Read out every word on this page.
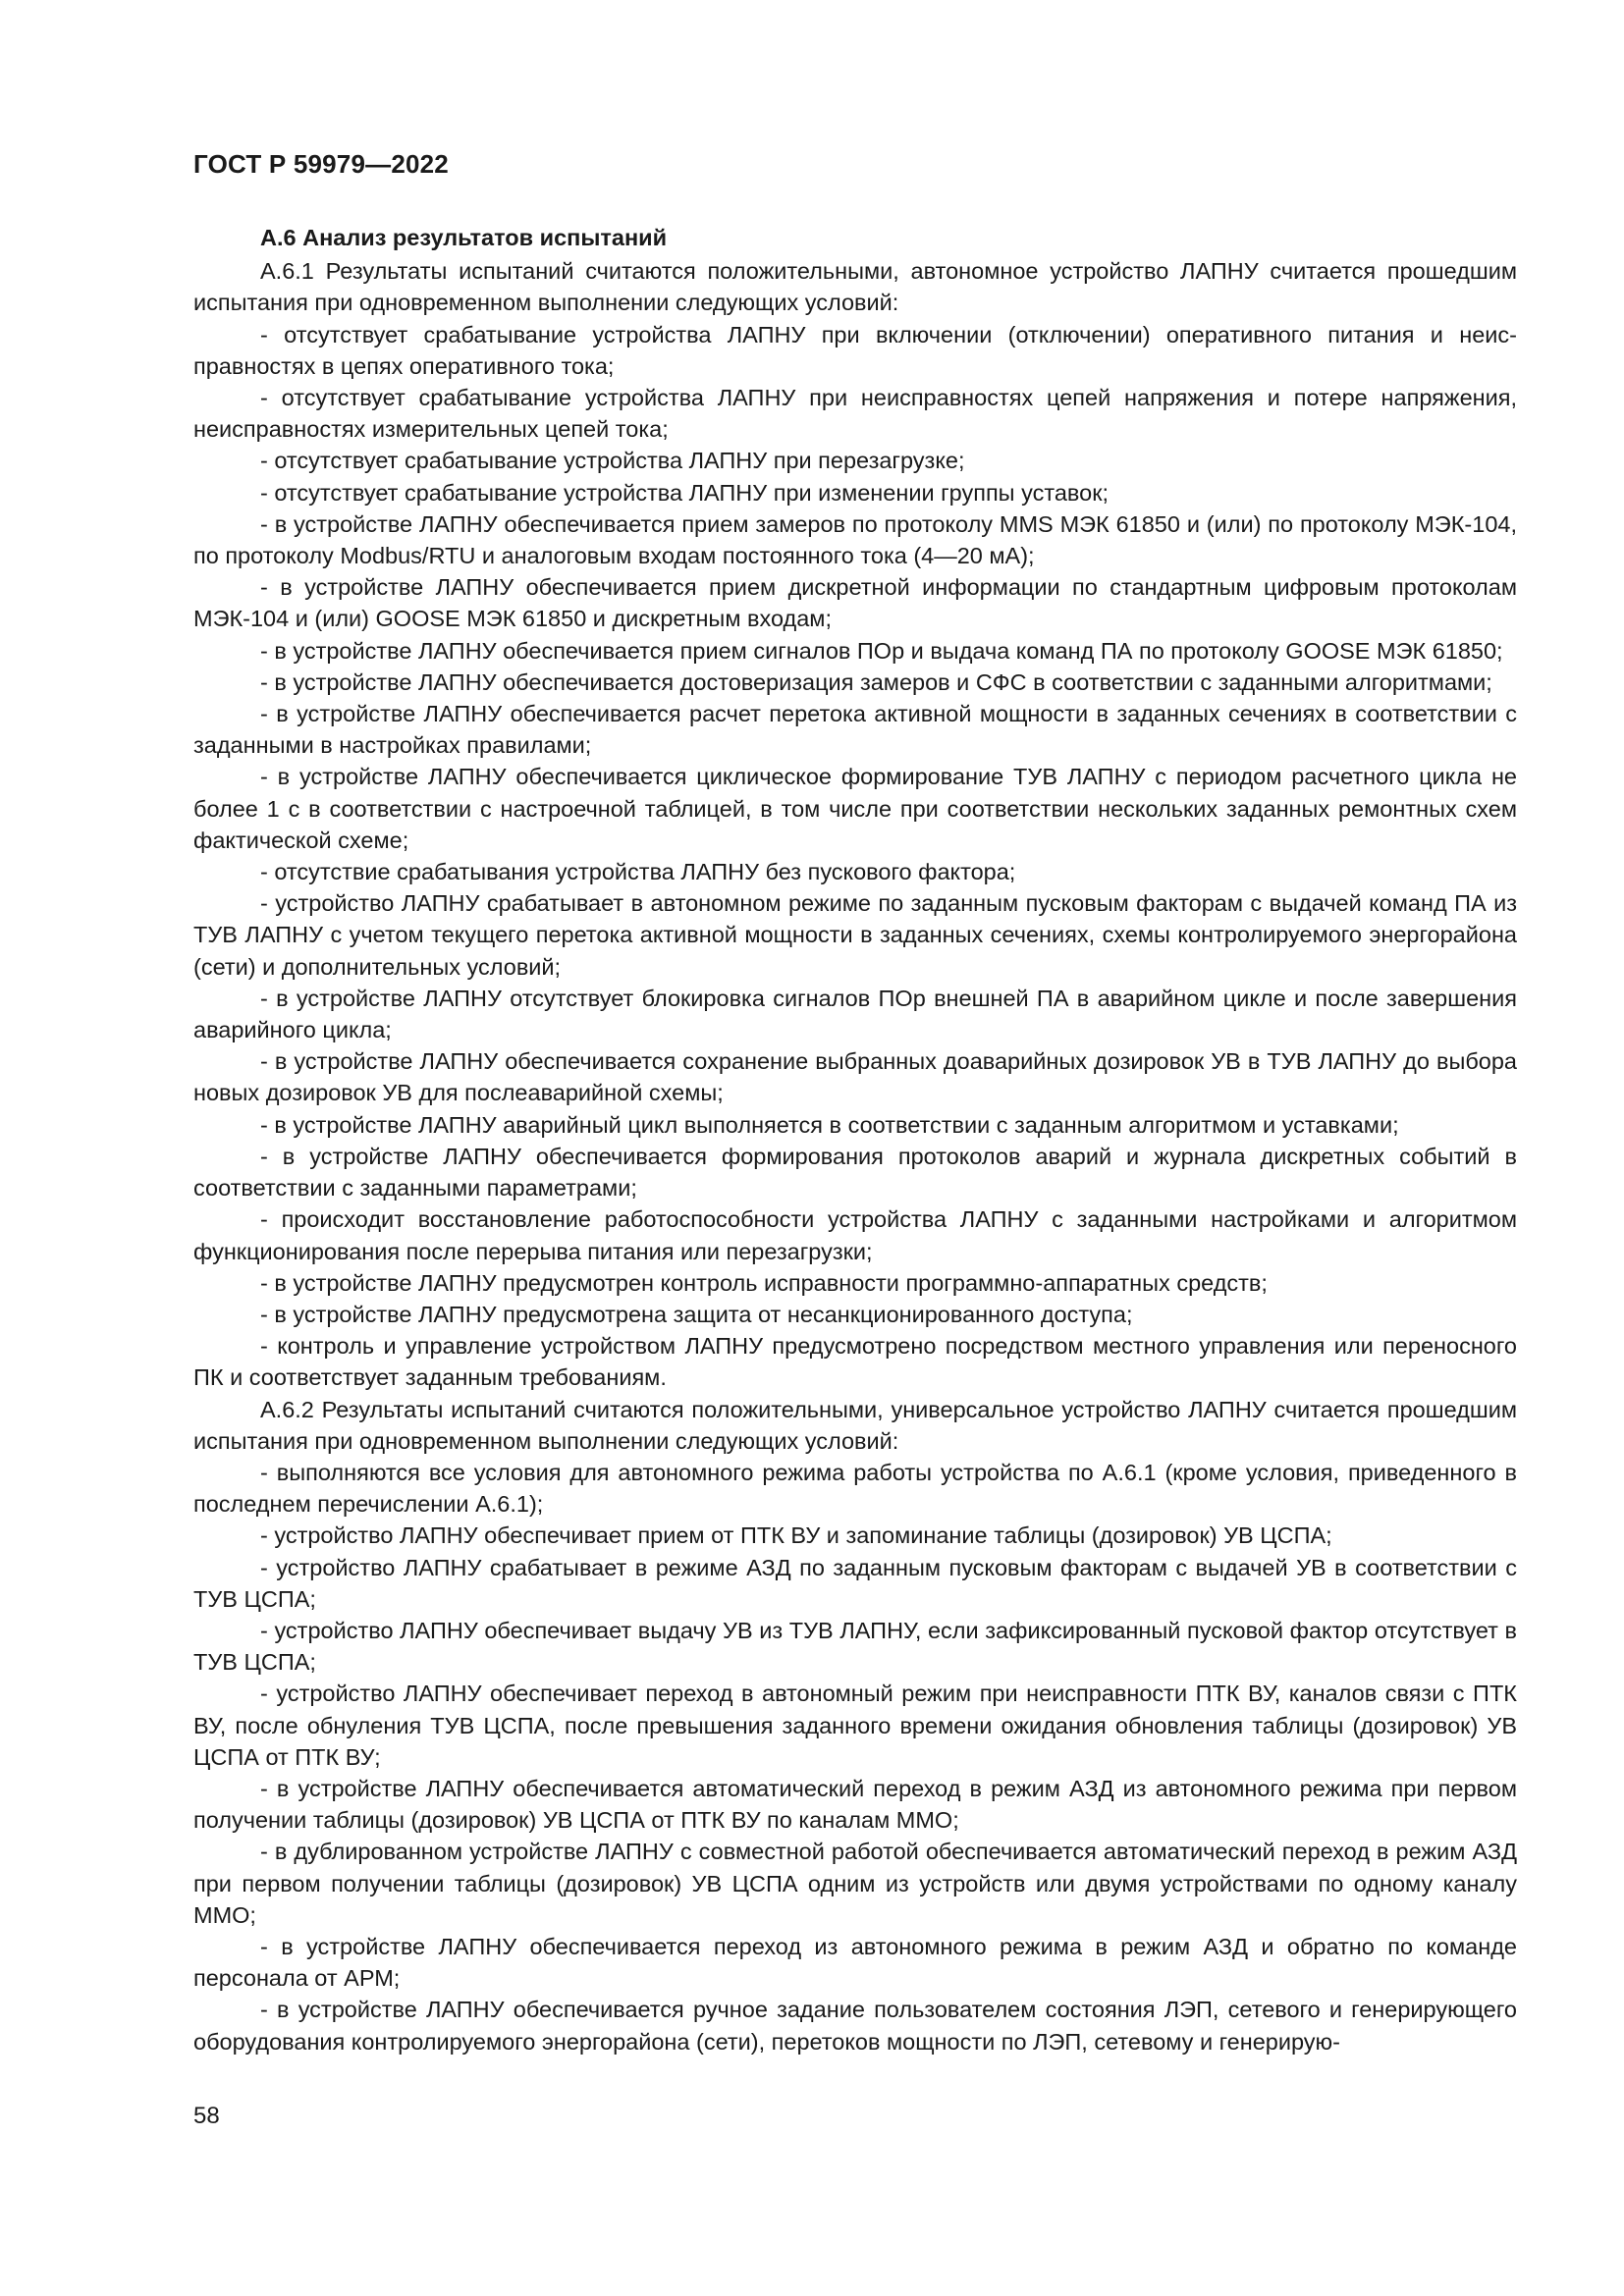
ГОСТ Р 59979—2022

А.6 Анализ результатов испытаний

А.6.1 Результаты испытаний считаются положительными, автономное устройство ЛАПНУ считается прошедшим испытания при одновременном выполнении следующих условий:

- отсутствует срабатывание устройства ЛАПНУ при включении (отключении) оперативного питания и неисправностях в цепях оперативного тока;

- отсутствует срабатывание устройства ЛАПНУ при неисправностях цепей напряжения и потере напряжения, неисправностях измерительных цепей тока;

- отсутствует срабатывание устройства ЛАПНУ при перезагрузке;

- отсутствует срабатывание устройства ЛАПНУ при изменении группы уставок;

- в устройстве ЛАПНУ обеспечивается прием замеров по протоколу MMS МЭК 61850 и (или) по протоколу МЭК-104, по протоколу Modbus/RTU и аналоговым входам постоянного тока (4—20 мА);

- в устройстве ЛАПНУ обеспечивается прием дискретной информации по стандартным цифровым протоколам МЭК-104 и (или) GOOSE МЭК 61850 и дискретным входам;

- в устройстве ЛАПНУ обеспечивается прием сигналов ПОр и выдача команд ПА по протоколу GOOSE МЭК 61850;

- в устройстве ЛАПНУ обеспечивается достоверизация замеров и СФС в соответствии с заданными алгоритмами;

- в устройстве ЛАПНУ обеспечивается расчет перетока активной мощности в заданных сечениях в соответствии с заданными в настройках правилами;

- в устройстве ЛАПНУ обеспечивается циклическое формирование ТУВ ЛАПНУ с периодом расчетного цикла не более 1 с в соответствии с настроечной таблицей, в том числе при соответствии нескольких заданных ремонтных схем фактической схеме;

- отсутствие срабатывания устройства ЛАПНУ без пускового фактора;

- устройство ЛАПНУ срабатывает в автономном режиме по заданным пусковым факторам с выдачей команд ПА из ТУВ ЛАПНУ с учетом текущего перетока активной мощности в заданных сечениях, схемы контролируемого энергорайона (сети) и дополнительных условий;

- в устройстве ЛАПНУ отсутствует блокировка сигналов ПОр внешней ПА в аварийном цикле и после завершения аварийного цикла;

- в устройстве ЛАПНУ обеспечивается сохранение выбранных доаварийных дозировок УВ в ТУВ ЛАПНУ до выбора новых дозировок УВ для послеаварийной схемы;

- в устройстве ЛАПНУ аварийный цикл выполняется в соответствии с заданным алгоритмом и уставками;

- в устройстве ЛАПНУ обеспечивается формирования протоколов аварий и журнала дискретных событий в соответствии с заданными параметрами;

- происходит восстановление работоспособности устройства ЛАПНУ с заданными настройками и алгоритмом функционирования после перерыва питания или перезагрузки;

- в устройстве ЛАПНУ предусмотрен контроль исправности программно-аппаратных средств;

- в устройстве ЛАПНУ предусмотрена защита от несанкционированного доступа;

- контроль и управление устройством ЛАПНУ предусмотрено посредством местного управления или переносного ПК и соответствует заданным требованиям.

А.6.2 Результаты испытаний считаются положительными, универсальное устройство ЛАПНУ считается прошедшим испытания при одновременном выполнении следующих условий:

- выполняются все условия для автономного режима работы устройства по А.6.1 (кроме условия, приведенного в последнем перечислении А.6.1);

- устройство ЛАПНУ обеспечивает прием от ПТК ВУ и запоминание таблицы (дозировок) УВ ЦСПА;

- устройство ЛАПНУ срабатывает в режиме АЗД по заданным пусковым факторам с выдачей УВ в соответствии с ТУВ ЦСПА;

- устройство ЛАПНУ обеспечивает выдачу УВ из ТУВ ЛАПНУ, если зафиксированный пусковой фактор отсутствует в ТУВ ЦСПА;

- устройство ЛАПНУ обеспечивает переход в автономный режим при неисправности ПТК ВУ, каналов связи с ПТК ВУ, после обнуления ТУВ ЦСПА, после превышения заданного времени ожидания обновления таблицы (дозировок) УВ ЦСПА от ПТК ВУ;

- в устройстве ЛАПНУ обеспечивается автоматический переход в режим АЗД из автономного режима при первом получении таблицы (дозировок) УВ ЦСПА от ПТК ВУ по каналам ММО;

- в дублированном устройстве ЛАПНУ с совместной работой обеспечивается автоматический переход в режим АЗД при первом получении таблицы (дозировок) УВ ЦСПА одним из устройств или двумя устройствами по одному каналу ММО;

- в устройстве ЛАПНУ обеспечивается переход из автономного режима в режим АЗД и обратно по команде персонала от АРМ;

- в устройстве ЛАПНУ обеспечивается ручное задание пользователем состояния ЛЭП, сетевого и генерирующего оборудования контролируемого энергорайона (сети), перетоков мощности по ЛЭП, сетевому и генерирую-

58
